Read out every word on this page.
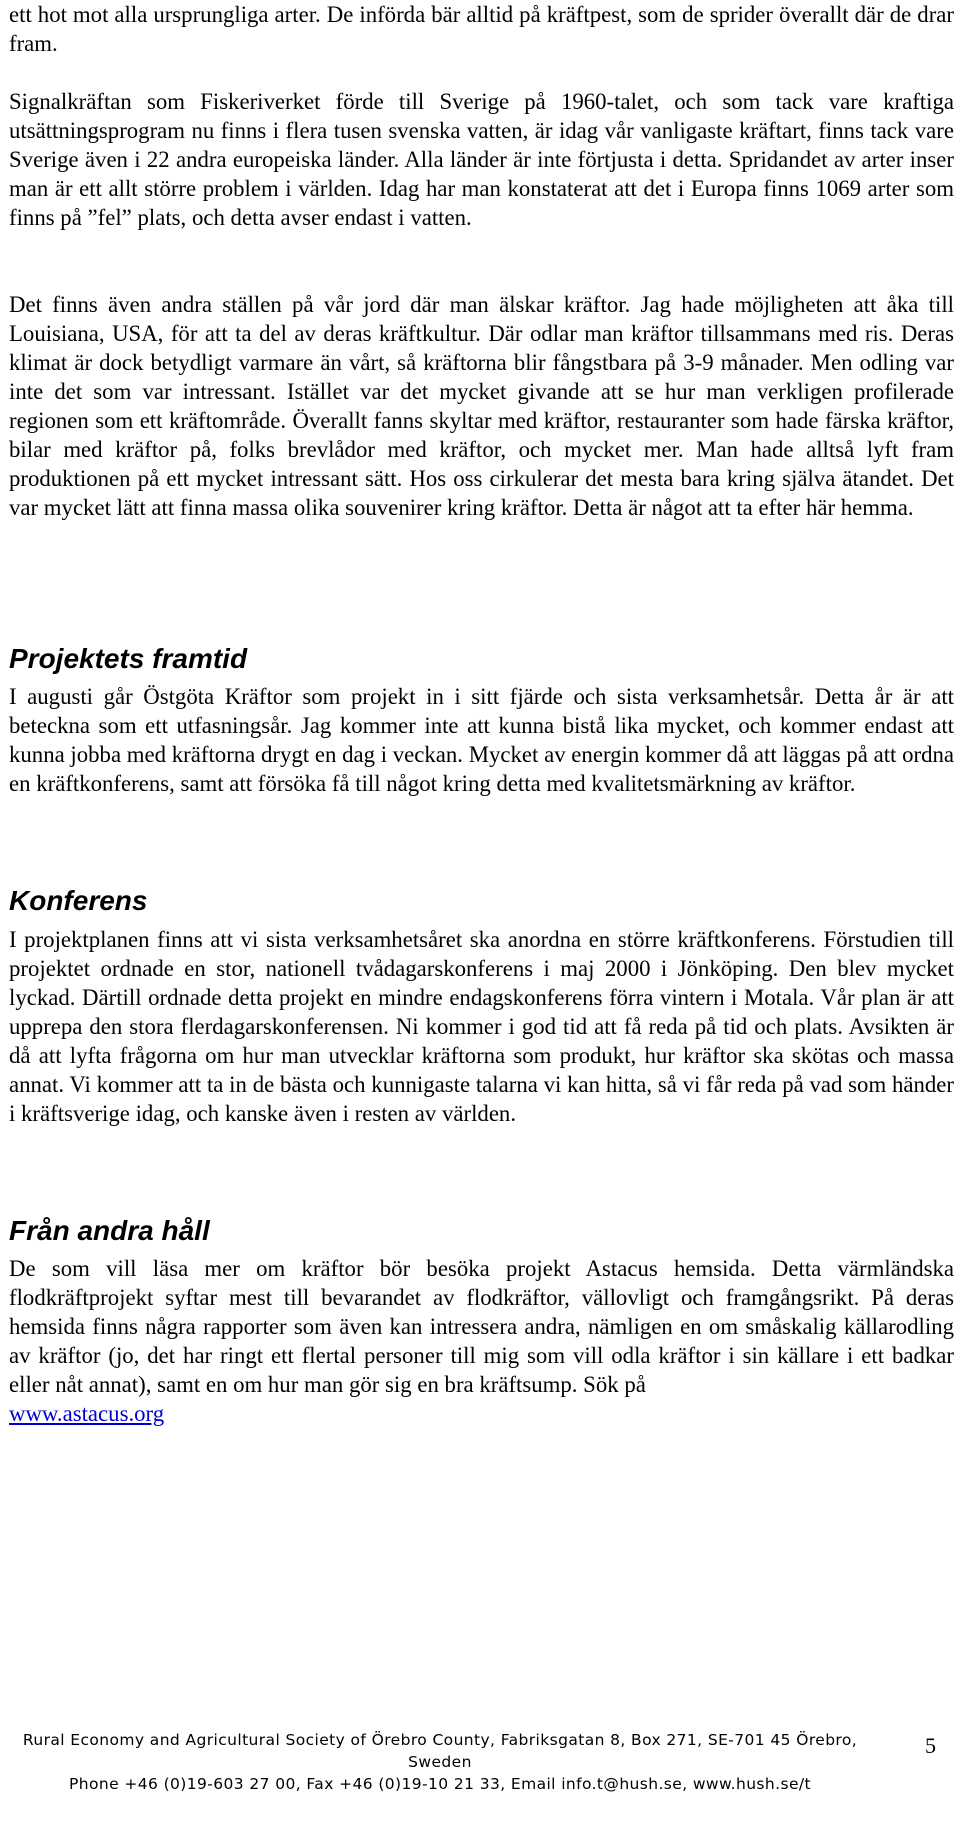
ett hot mot alla ursprungliga arter. De införda bär alltid på kräftpest, som de sprider överallt där de drar fram.

Signalkräftan som Fiskeriverket förde till Sverige på 1960-talet, och som tack vare kraftiga utsättningsprogram nu finns i flera tusen svenska vatten, är idag vår vanligaste kräftart, finns tack vare Sverige även i 22 andra europeiska länder. Alla länder är inte förtjusta i detta. Spridandet av arter inser man är ett allt större problem i världen. Idag har man konstaterat att det i Europa finns 1069 arter som finns på ”fel” plats, och detta avser endast i vatten.

Det finns även andra ställen på vår jord där man älskar kräftor. Jag hade möjligheten att åka till Louisiana, USA, för att ta del av deras kräftkultur. Där odlar man kräftor tillsammans med ris. Deras klimat är dock betydligt varmare än vårt, så kräftorna blir fångstbara på 3-9 månader. Men odling var inte det som var intressant. Istället var det mycket givande att se hur man verkligen profilerade regionen som ett kräftområde. Överallt fanns skyltar med kräftor, restauranter som hade färska kräftor, bilar med kräftor på, folks brevlådor med kräftor, och mycket mer. Man hade alltså lyft fram produktionen på ett mycket intressant sätt. Hos oss cirkulerar det mesta bara kring själva ätandet. Det var mycket lätt att finna massa olika souvenirer kring kräftor. Detta är något att ta efter här hemma.

Projektets framtid

I augusti går Östgöta Kräftor som projekt in i sitt fjärde och sista verksamhetsår. Detta år är att beteckna som ett utfasningsår. Jag kommer inte att kunna bistå lika mycket, och kommer endast att kunna jobba med kräftorna drygt en dag i veckan. Mycket av energin kommer då att läggas på att ordna en kräftkonferens, samt att försöka få till något kring detta med kvalitetsmärkning av kräftor.

Konferens

I projektplanen finns att vi sista verksamhetsåret ska anordna en större kräftkonferens. Förstudien till projektet ordnade en stor, nationell tvådagarskonferens i maj 2000 i Jönköping. Den blev mycket lyckad. Därtill ordnade detta projekt en mindre endagskonferens förra vintern i Motala. Vår plan är att upprepa den stora flerdagarskonferensen. Ni kommer i god tid att få reda på tid och plats. Avsikten är då att lyfta frågorna om hur man utvecklar kräftorna som produkt, hur kräftor ska skötas och massa annat. Vi kommer att ta in de bästa och kunnigaste talarna vi kan hitta, så vi får reda på vad som händer i kräftsverige idag, och kanske även i resten av världen.

Från andra håll

De som vill läsa mer om kräftor bör besöka projekt Astacus hemsida. Detta värmländska flodkräftprojekt syftar mest till bevarandet av flodkräftor, vällovligt och framgångsrikt. På deras hemsida finns några rapporter som även kan intressera andra, nämligen en om småskalig källarodling av kräftor (jo, det har ringt ett flertal personer till mig som vill odla kräftor i sin källare i ett badkar eller nåt annat), samt en om hur man gör sig en bra kräftsump. Sök på
www.astacus.org

Rural Economy and Agricultural Society of Örebro County, Fabriksgatan 8, Box 271, SE-701 45 Örebro, Sweden
Phone +46 (0)19-603 27 00, Fax +46 (0)19-10 21 33, Email info.t@hush.se, www.hush.se/t
5
